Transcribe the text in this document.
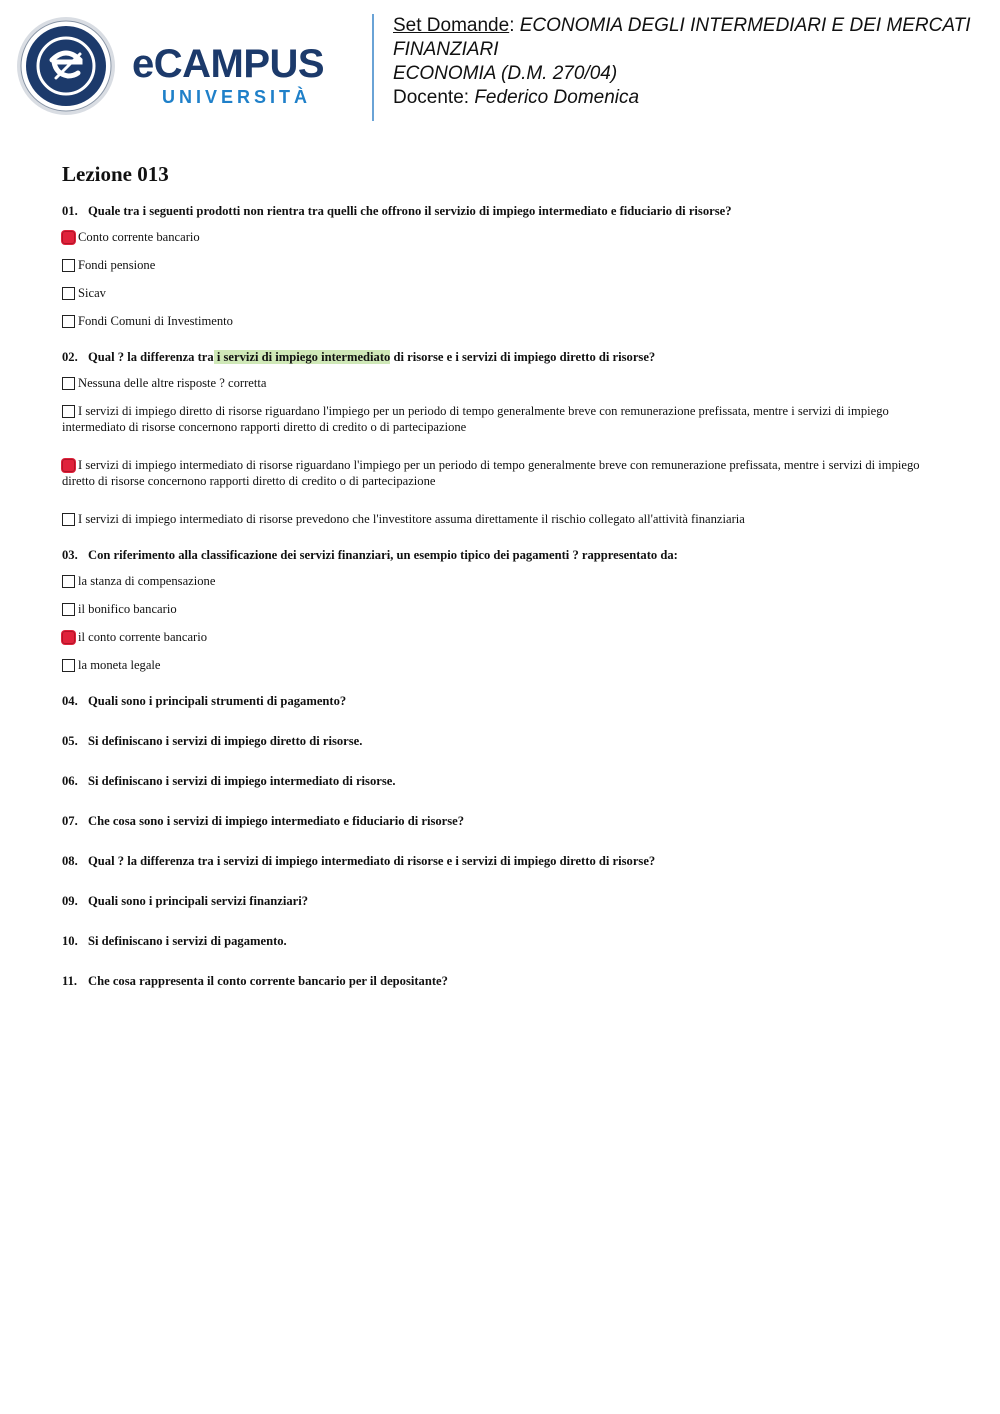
eCAMPUS
UNIVERSITÀ
Set Domande: ECONOMIA DEGLI INTERMEDIARI E DEI MERCATI
FINANZIARI
ECONOMIA (D.M. 270/04)
Docente: Federico Domenica
Lezione 013
01. Quale tra i seguenti prodotti non rientra tra quelli che offrono il servizio di impiego intermediato e fiduciario di risorse?
Conto corrente bancario
Fondi pensione
Sicav
Fondi Comuni di Investimento
02. Qual ? la differenza tra i servizi di impiego intermediato di risorse e i servizi di impiego diretto di risorse?
Nessuna delle altre risposte ? corretta
I servizi di impiego diretto di risorse riguardano l'impiego per un periodo di tempo generalmente breve con remunerazione prefissata, mentre i servizi di impiego intermediato di risorse concernono rapporti diretto di credito o di partecipazione
I servizi di impiego intermediato di risorse riguardano l'impiego per un periodo di tempo generalmente breve con remunerazione prefissata, mentre i servizi di impiego diretto di risorse concernono rapporti diretto di credito o di partecipazione
I servizi di impiego intermediato di risorse prevedono che l'investitore assuma direttamente il rischio collegato all'attività finanziaria
03. Con riferimento alla classificazione dei servizi finanziari, un esempio tipico dei pagamenti ? rappresentato da:
la stanza di compensazione
il bonifico bancario
il conto corrente bancario
la moneta legale
04. Quali sono i principali strumenti di pagamento?
05. Si definiscano i servizi di impiego diretto di risorse.
06. Si definiscano i servizi di impiego intermediato di risorse.
07. Che cosa sono i servizi di impiego intermediato e fiduciario di risorse?
08. Qual ? la differenza tra i servizi di impiego intermediato di risorse e i servizi di impiego diretto di risorse?
09. Quali sono i principali servizi finanziari?
10. Si definiscano i servizi di pagamento.
11. Che cosa rappresenta il conto corrente bancario per il depositante?
